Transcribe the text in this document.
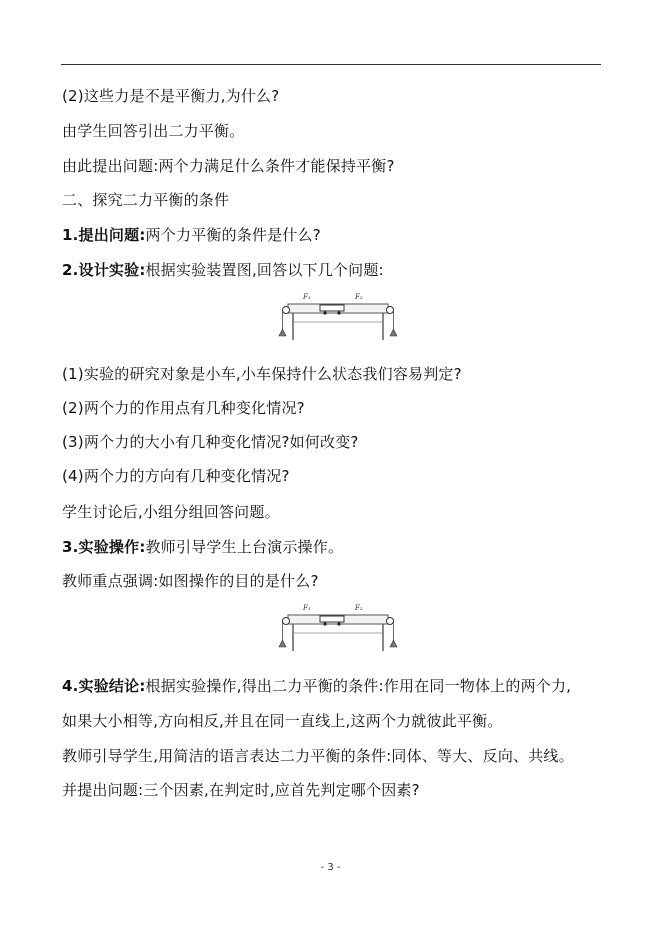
(2)这些力是不是平衡力,为什么?
由学生回答引出二力平衡。
由此提出问题:两个力满足什么条件才能保持平衡?
二、探究二力平衡的条件
1.提出问题:两个力平衡的条件是什么?
2.设计实验:根据实验装置图,回答以下几个问题:
F₁	F₂
(1)实验的研究对象是小车,小车保持什么状态我们容易判定?
(2)两个力的作用点有几种变化情况?
(3)两个力的大小有几种变化情况?如何改变?
(4)两个力的方向有几种变化情况?
学生讨论后,小组分组回答问题。
3.实验操作:教师引导学生上台演示操作。
教师重点强调:如图操作的目的是什么?
F₁	F₂
4.实验结论:根据实验操作,得出二力平衡的条件:作用在同一物体上的两个力,
如果大小相等,方向相反,并且在同一直线上,这两个力就彼此平衡。
教师引导学生,用简洁的语言表达二力平衡的条件:同体、等大、反向、共线。
并提出问题:三个因素,在判定时,应首先判定哪个因素?
- 3 -
